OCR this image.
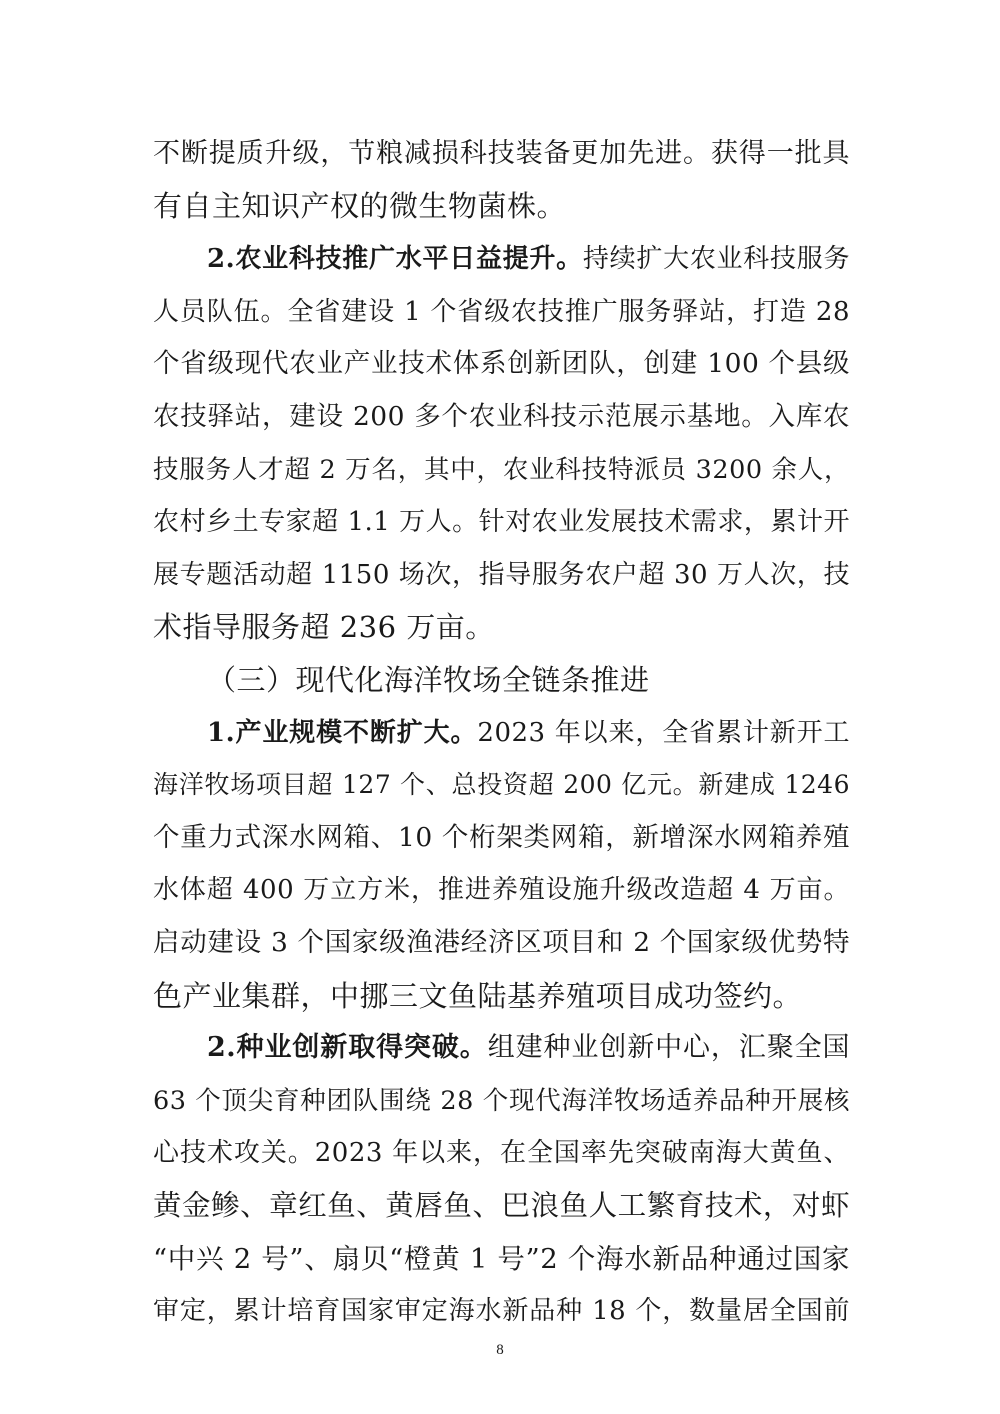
不断提质升级，节粮减损科技装备更加先进。获得一批具
有自主知识产权的微生物菌株。
2.农业科技推广水平日益提升。持续扩大农业科技服务
人员队伍。全省建设 1 个省级农技推广服务驿站，打造 28
个省级现代农业产业技术体系创新团队，创建 100 个县级
农技驿站，建设 200 多个农业科技示范展示基地。入库农
技服务人才超 2 万名，其中，农业科技特派员 3200 余人，
农村乡土专家超 1.1 万人。针对农业发展技术需求，累计开
展专题活动超 1150 场次，指导服务农户超 30 万人次，技
术指导服务超 236 万亩。
（三）现代化海洋牧场全链条推进
1.产业规模不断扩大。2023 年以来，全省累计新开工
海洋牧场项目超 127 个、总投资超 200 亿元。新建成 1246
个重力式深水网箱、10 个桁架类网箱，新增深水网箱养殖
水体超 400 万立方米，推进养殖设施升级改造超 4 万亩。
启动建设 3 个国家级渔港经济区项目和 2 个国家级优势特
色产业集群，中挪三文鱼陆基养殖项目成功签约。
2.种业创新取得突破。组建种业创新中心，汇聚全国
63 个顶尖育种团队围绕 28 个现代海洋牧场适养品种开展核
心技术攻关。2023 年以来，在全国率先突破南海大黄鱼、
黄金鲹、章红鱼、黄唇鱼、巴浪鱼人工繁育技术，对虾
“中兴 2 号”、扇贝“橙黄 1 号”2 个海水新品种通过国家
审定，累计培育国家审定海水新品种 18 个，数量居全国前
8
